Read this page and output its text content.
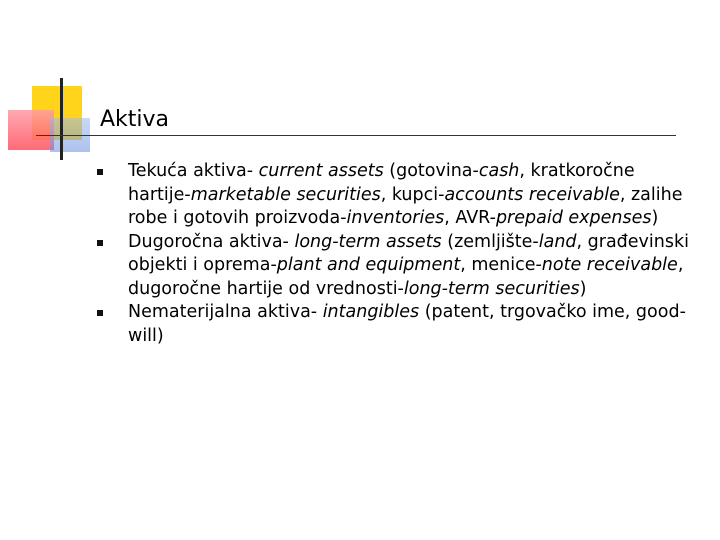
Aktiva
Tekuća aktiva- current assets (gotovina-cash, kratkoročne hartije-marketable securities, kupci-accounts receivable, zalihe robe i gotovih proizvoda-inventories, AVR-prepaid expenses)
Dugoročna aktiva- long-term assets (zemljište-land, građevinski objekti i oprema-plant and equipment, menice-note receivable, dugoročne hartije od vrednosti-long-term securities)
Nematerijalna aktiva- intangibles (patent, trgovačko ime, good-will)
